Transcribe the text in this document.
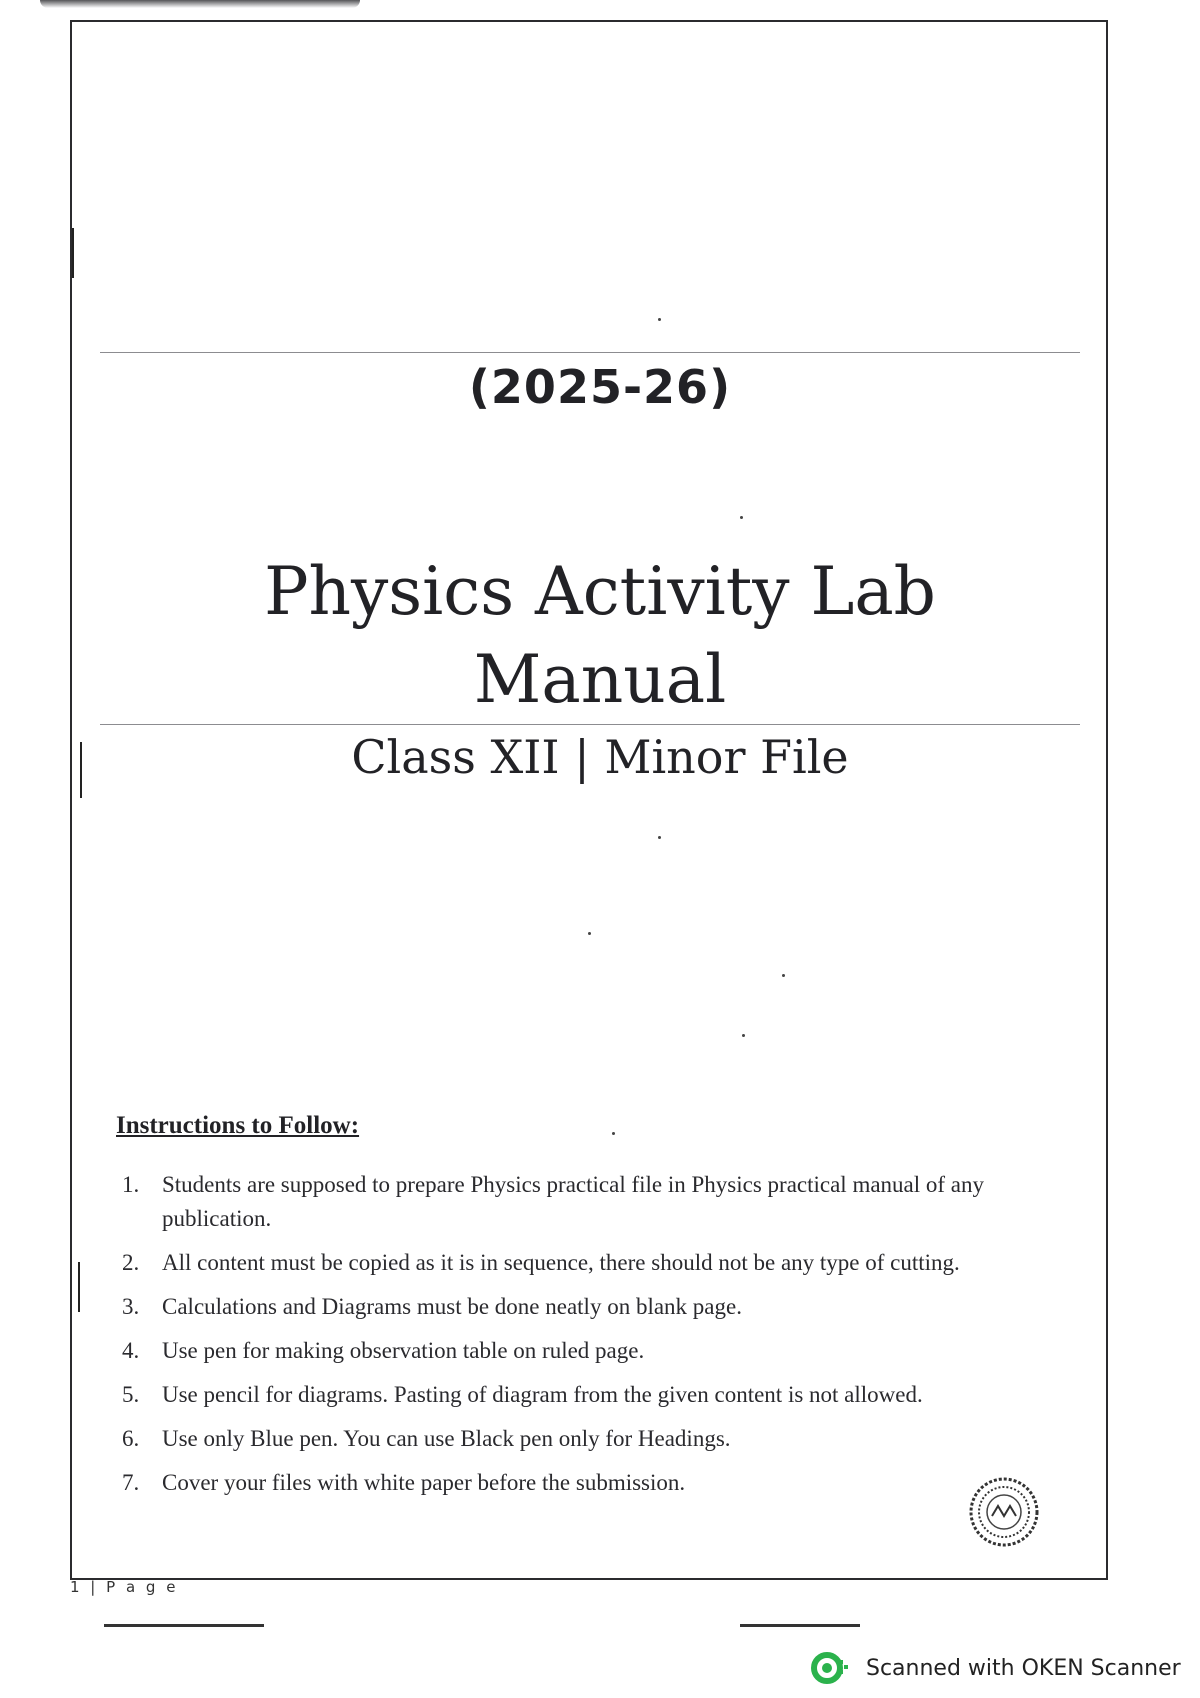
(2025-26)
Physics Activity Lab
Manual
Class XII | Minor File
Instructions to Follow:
1. Students are supposed to prepare Physics practical file in Physics practical manual of any publication.
2. All content must be copied as it is in sequence, there should not be any type of cutting.
3. Calculations and Diagrams must be done neatly on blank page.
4. Use pen for making observation table on ruled page.
5. Use pencil for diagrams. Pasting of diagram from the given content is not allowed.
6. Use only Blue pen. You can use Black pen only for Headings.
7. Cover your files with white paper before the submission.
1 | P a g e
Scanned with OKEN Scanner
